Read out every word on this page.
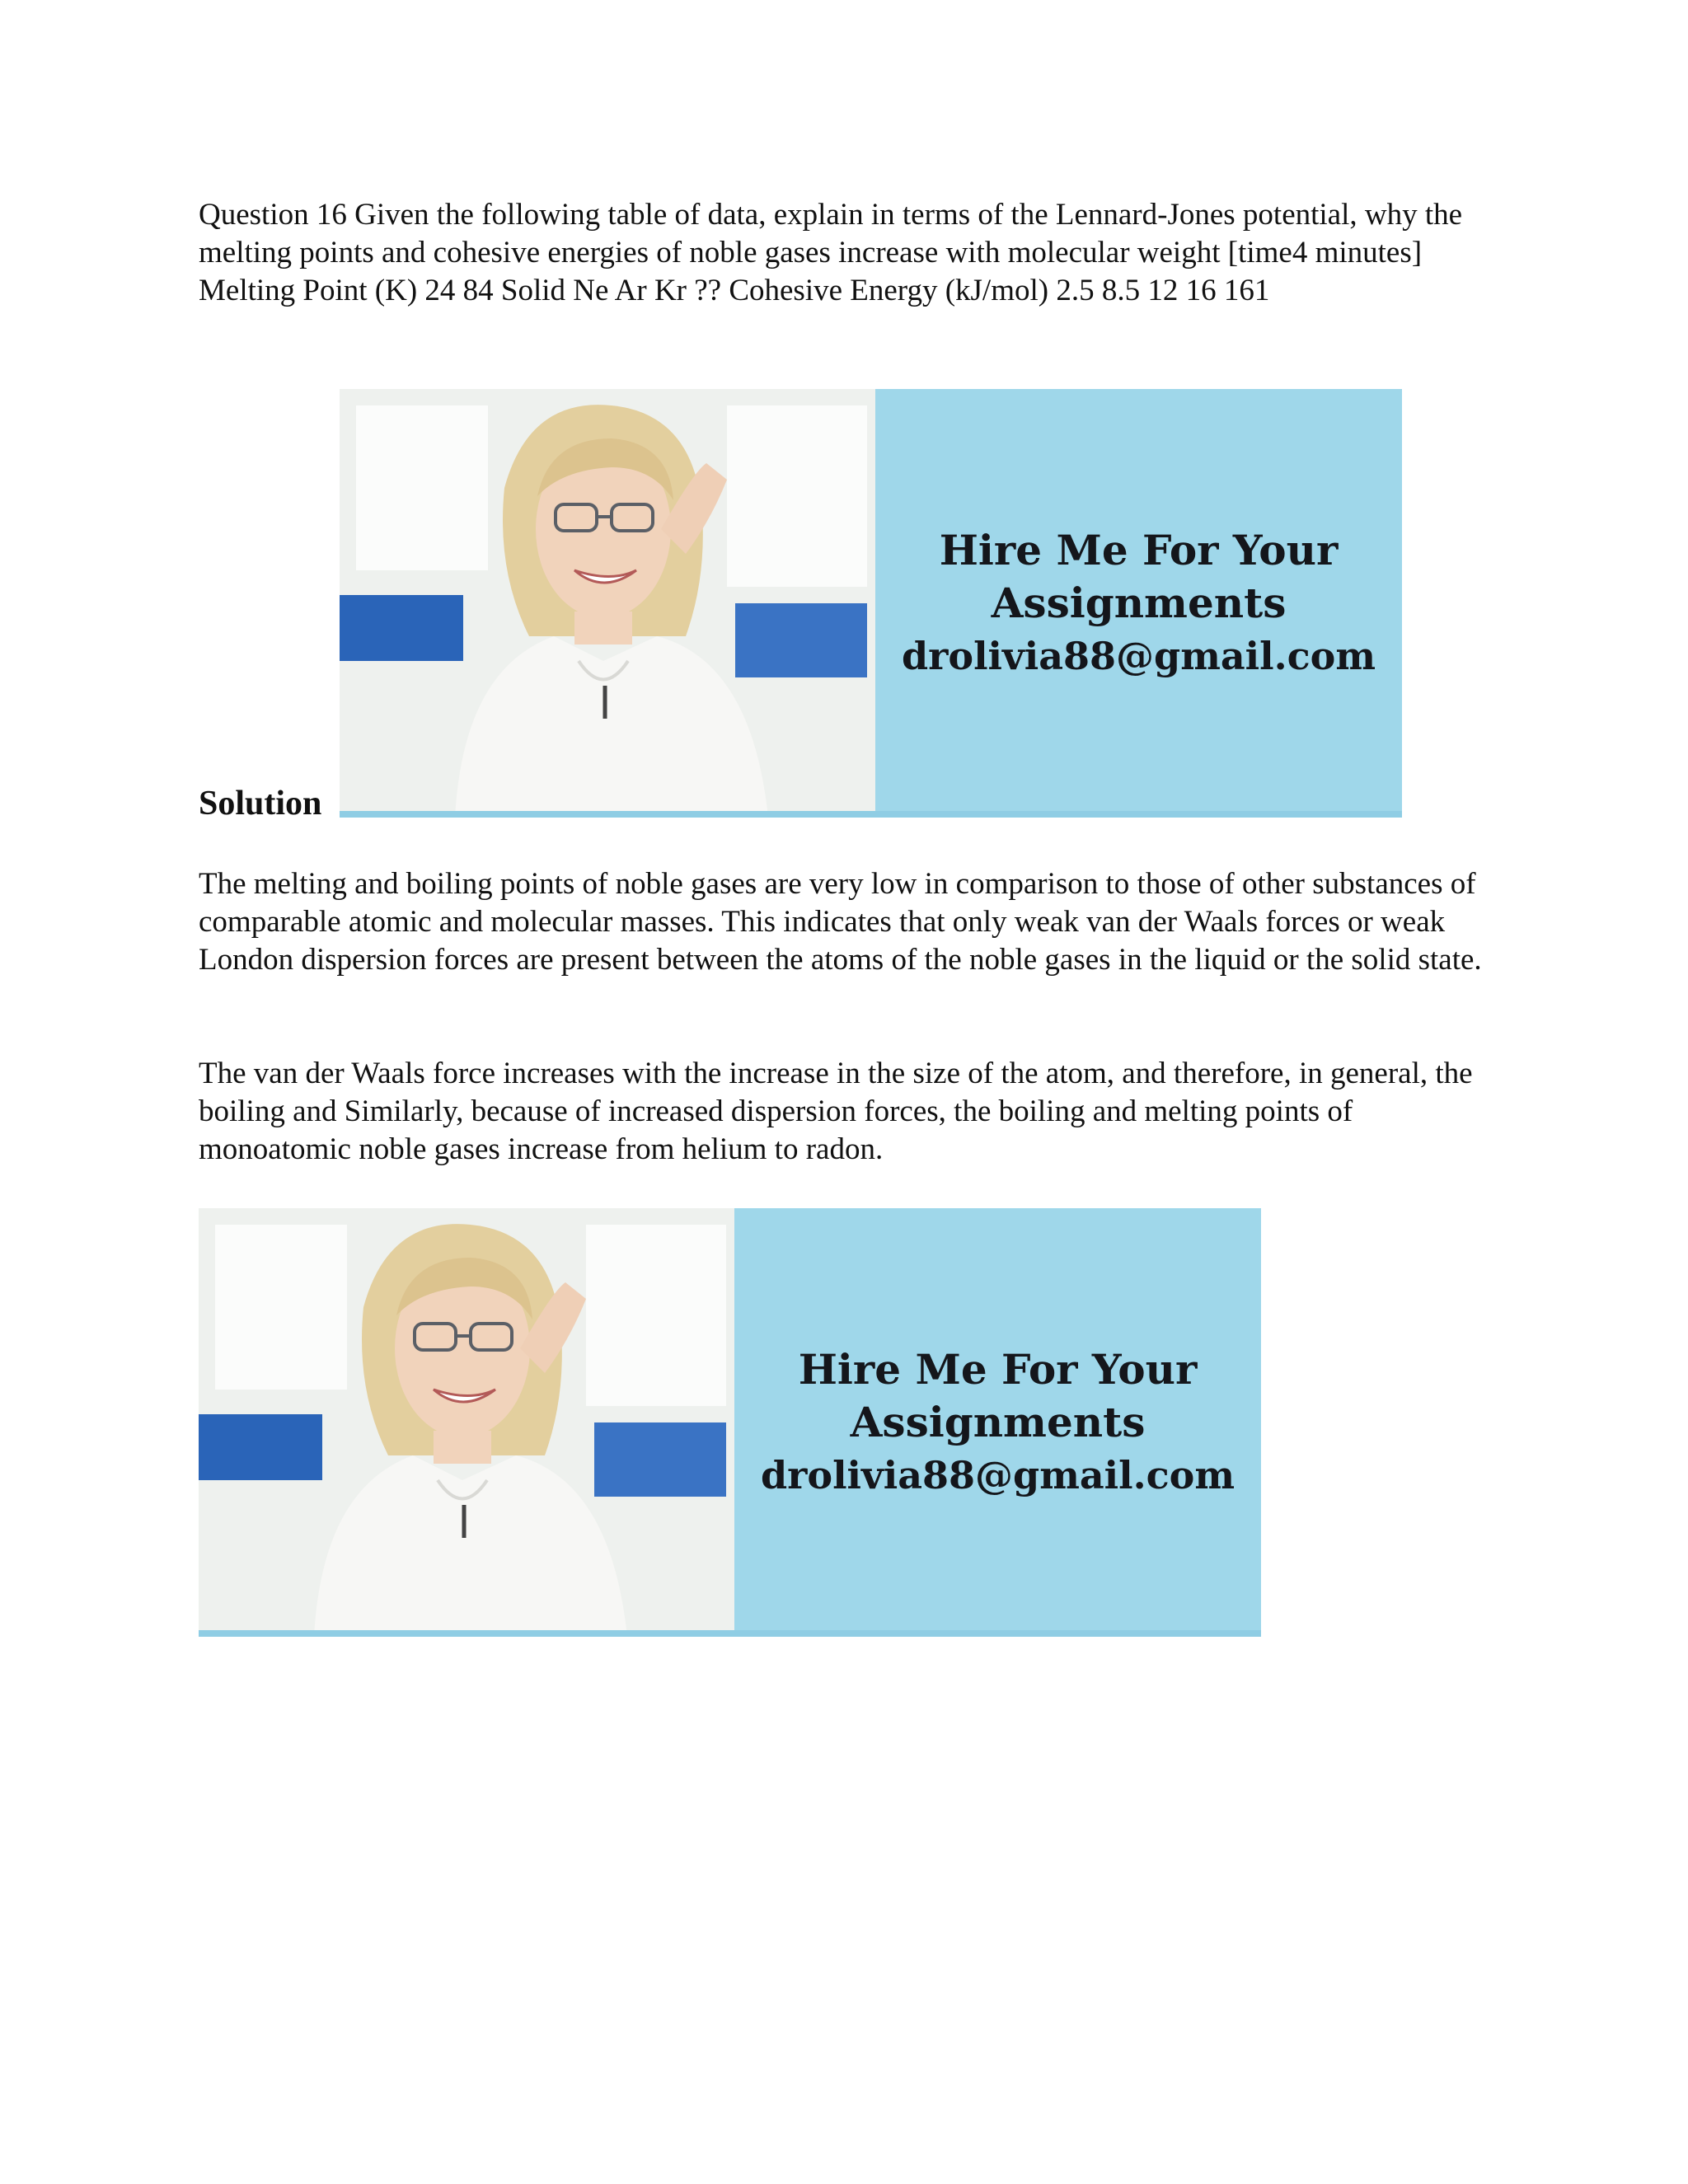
Question 16 Given the following table of data, explain in terms of the Lennard-Jones potential, why the melting points and cohesive energies of noble gases increase with molecular weight [time4 minutes] Melting Point (K) 24 84 Solid Ne Ar Kr ?? Cohesive Energy (kJ/mol) 2.5 8.5 12 16 161

Hire Me For Your
Assignments
drolivia88@gmail.com
Solution

The melting and boiling points of noble gases are very low in comparison to those of other substances of comparable atomic and molecular masses. This indicates that only weak van der Waals forces or weak London dispersion forces are present between the atoms of the noble gases in the liquid or the solid state.

The van der Waals force increases with the increase in the size of the atom, and therefore, in general, the boiling and Similarly, because of increased dispersion forces, the boiling and melting points of monoatomic noble gases increase from helium to radon.

Hire Me For Your
Assignments
drolivia88@gmail.com
